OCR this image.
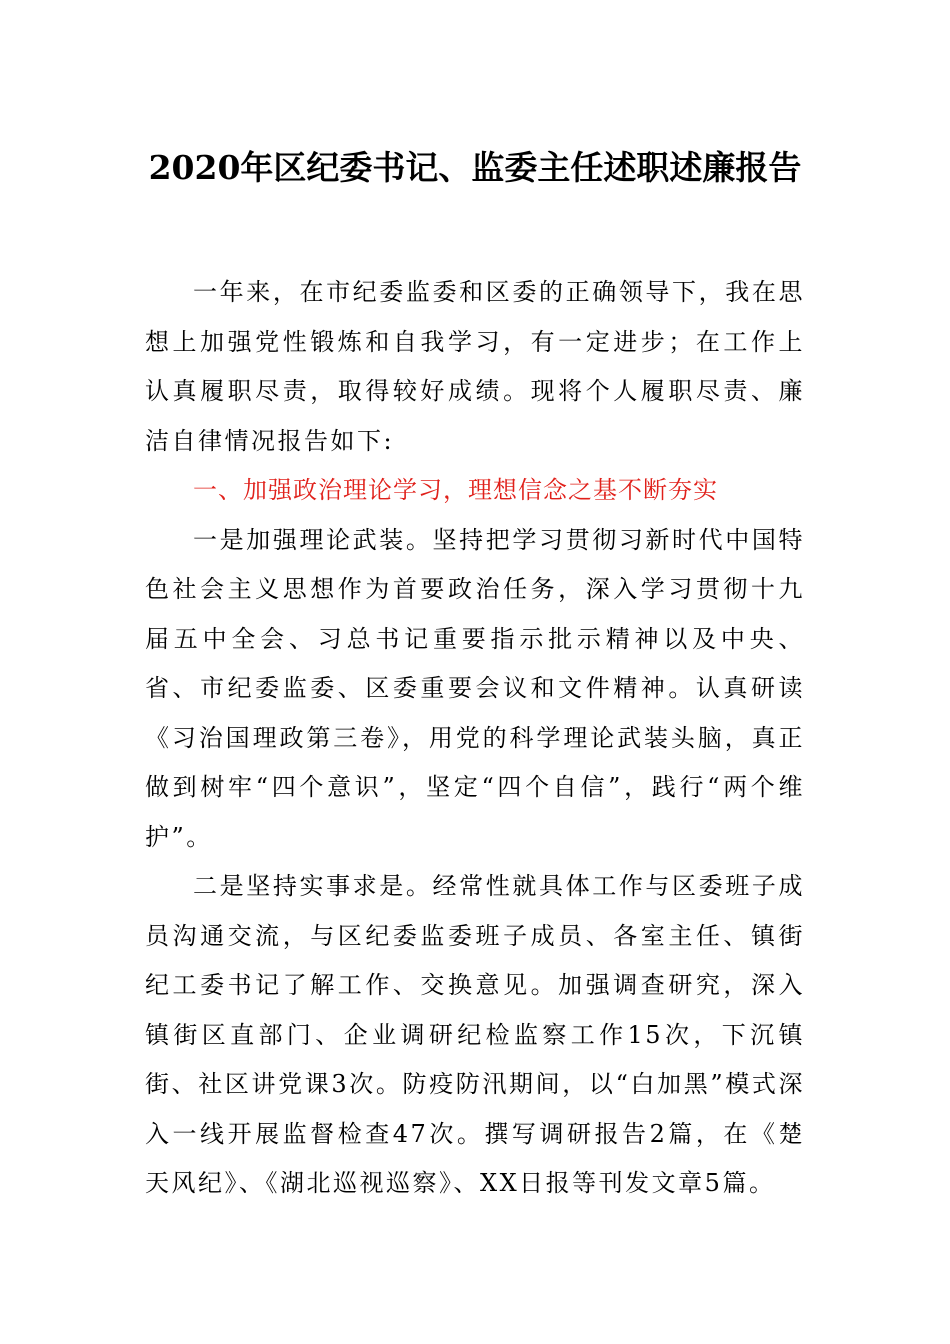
2020年区纪委书记、监委主任述职述廉报告

一年来，在市纪委监委和区委的正确领导下，我在思想上加强党性锻炼和自我学习，有一定进步；在工作上认真履职尽责，取得较好成绩。现将个人履职尽责、廉洁自律情况报告如下:

一、加强政治理论学习，理想信念之基不断夯实

一是加强理论武装。坚持把学习贯彻习新时代中国特色社会主义思想作为首要政治任务，深入学习贯彻十九届五中全会、习总书记重要指示批示精神以及中央、省、市纪委监委、区委重要会议和文件精神。认真研读《习治国理政第三卷》，用党的科学理论武装头脑，真正做到树牢“四个意识”，坚定“四个自信”，践行“两个维护”。

二是坚持实事求是。经常性就具体工作与区委班子成员沟通交流，与区纪委监委班子成员、各室主任、镇街纪工委书记了解工作、交换意见。加强调查研究，深入镇街区直部门、企业调研纪检监察工作15次，下沉镇街、社区讲党课3次。防疫防汛期间，以“白加黑”模式深入一线开展监督检查47次。撰写调研报告2篇，在《楚天风纪》、《湖北巡视巡察》、XX日报等刊发文章5篇。
